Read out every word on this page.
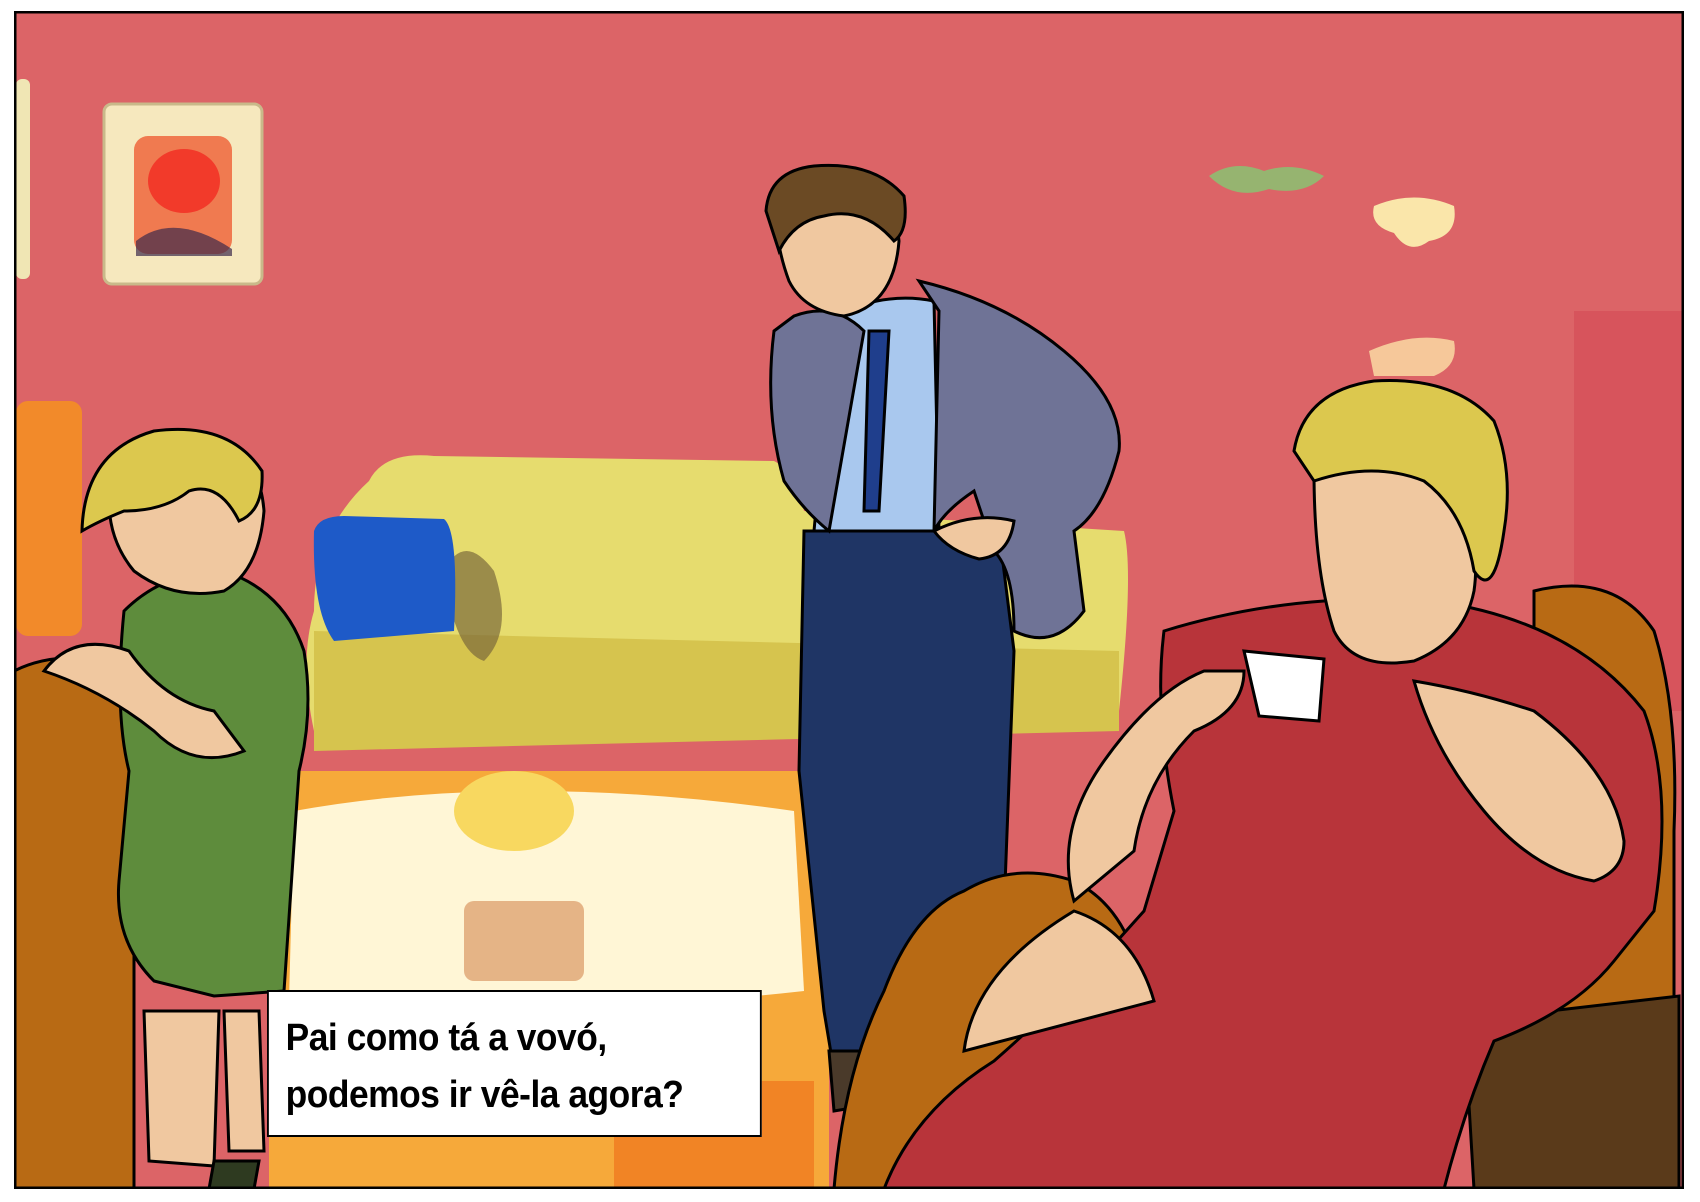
Pai como tá a vovó,
podemos ir vê-la agora?
